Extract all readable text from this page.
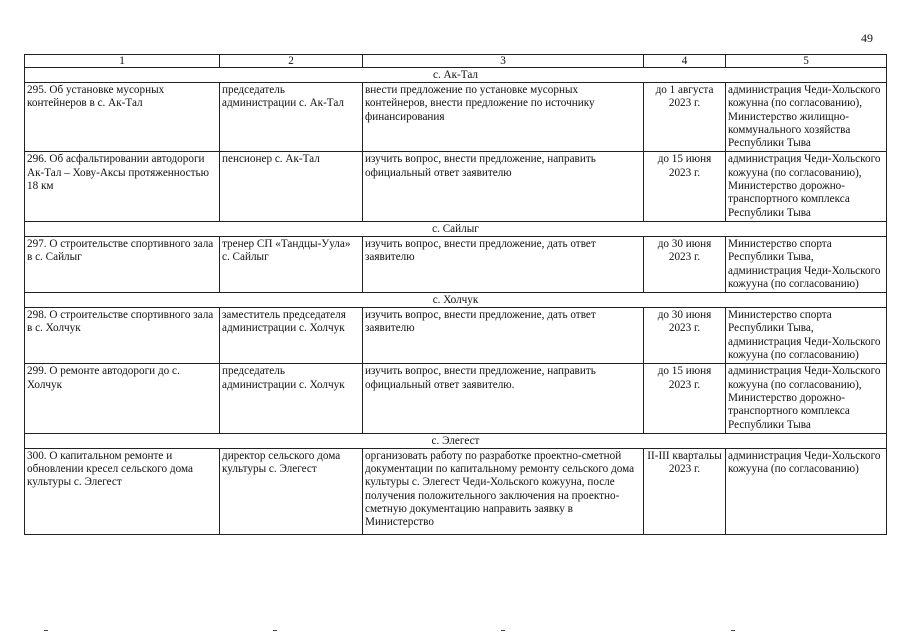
49
1	2	3	4	5
с. Ак-Тал				
295. Об установке мусорных контейнеров в с. Ак-Тал	председатель администрации с. Ак-Тал	внести предложение по установке мусорных контейнеров, внести предложение по источнику финансирования	до 1 августа 2023 г.	администрация Чеди-Хольского кожунна (по согласованию), Министерство жилищно-коммунального хозяйства Республики Тыва
296. Об асфальтировании автодороги Ак-Тал – Хову-Аксы протяженностью 18 км	пенсионер с. Ак-Тал	изучить вопрос, внести предложение, направить официальный ответ заявителю	до 15 июня 2023 г.	администрация Чеди-Хольского кожууна (по согласованию), Министерство дорожно-транспортного комплекса Республики Тыва
с. Сайлыг				
297. О строительстве спортивного зала в с. Сайлыг	тренер СП «Тандцы-Уула» с. Сайлыг	изучить вопрос, внести предложение, дать ответ заявителю	до 30 июня 2023 г.	Министерство спорта Республики Тыва, администрация Чеди-Хольского кожууна (по согласованию)
с. Холчук				
298. О строительстве спортивного зала в с. Холчук	заместитель председателя администрации с. Холчук	изучить вопрос, внести предложение, дать ответ заявителю	до 30 июня 2023 г.	Министерство спорта Республики Тыва, администрация Чеди-Хольского кожууна (по согласованию)
299. О ремонте автодороги до с. Холчук	председатель администрации с. Холчук	изучить вопрос, внести предложение, направить официальный ответ заявителю.	до 15 июня 2023 г.	администрация Чеди-Хольского кожууна (по согласованию), Министерство дорожно-транспортного комплекса Республики Тыва
с. Элегест				
300. О капитальном ремонте и обновлении кресел сельского дома культуры с. Элегест	директор сельского дома культуры с. Элегест	организовать работу по разработке проектно-сметной документации по капитальному ремонту сельского дома культуры с. Элегест Чеди-Хольского кожууна, после получения положительного заключения на проектно-сметную документацию направить заявку в Министерство	II-III квартальы 2023 г.	администрация Чеди-Хольского кожууна (по согласованию)
